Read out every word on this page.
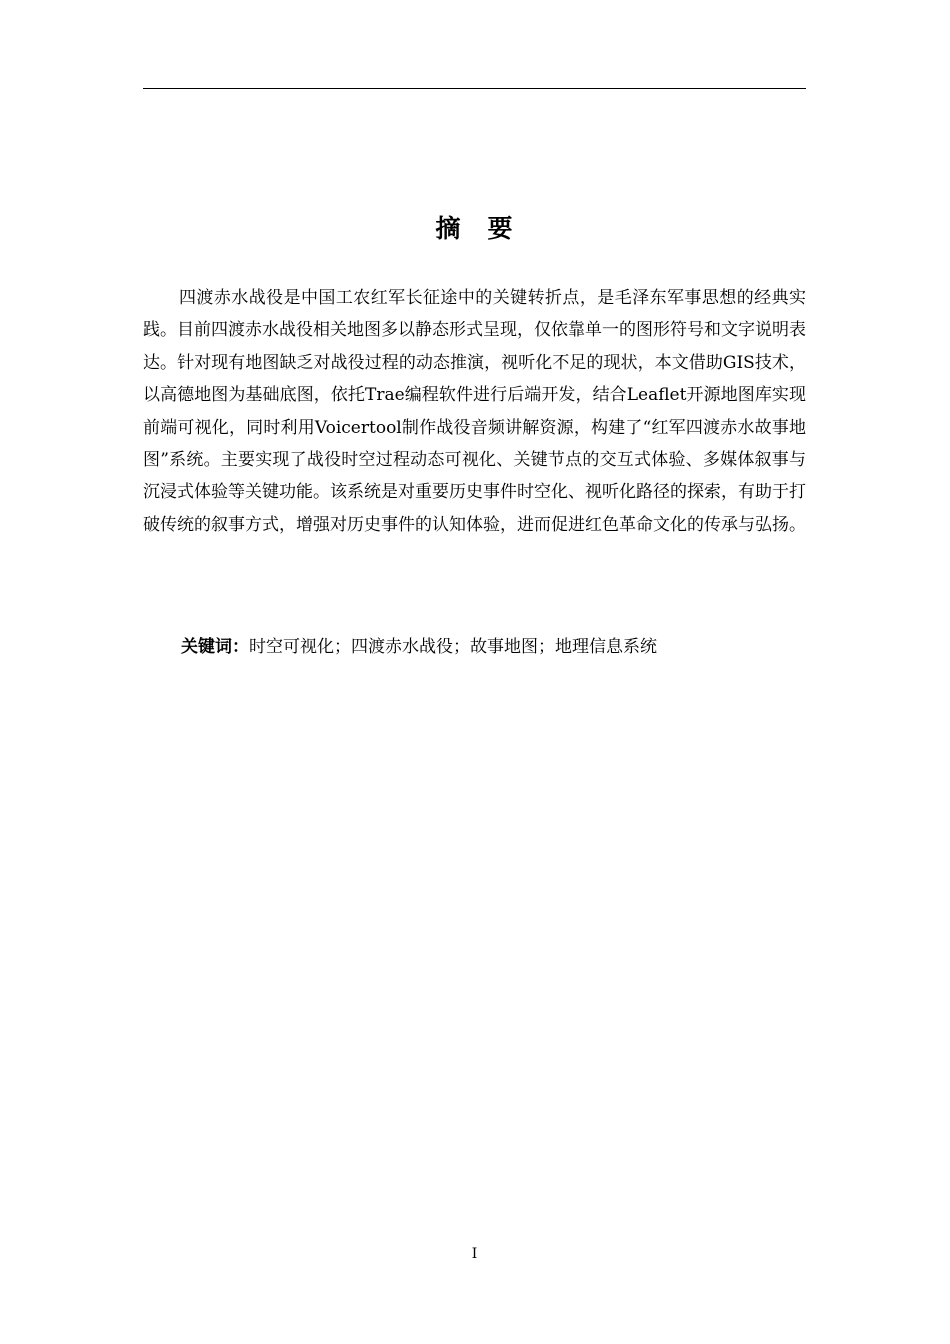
摘　要

四渡赤水战役是中国工农红军长征途中的关键转折点，是毛泽东军事思想的经典实践。目前四渡赤水战役相关地图多以静态形式呈现，仅依靠单一的图形符号和文字说明表达。针对现有地图缺乏对战役过程的动态推演，视听化不足的现状，本文借助GIS技术，以高德地图为基础底图，依托Trae编程软件进行后端开发，结合Leaflet开源地图库实现前端可视化，同时利用Voicertool制作战役音频讲解资源，构建了“红军四渡赤水故事地图”系统。主要实现了战役时空过程动态可视化、关键节点的交互式体验、多媒体叙事与沉浸式体验等关键功能。该系统是对重要历史事件时空化、视听化路径的探索，有助于打破传统的叙事方式，增强对历史事件的认知体验，进而促进红色革命文化的传承与弘扬。

关键词：时空可视化；四渡赤水战役；故事地图；地理信息系统
I
